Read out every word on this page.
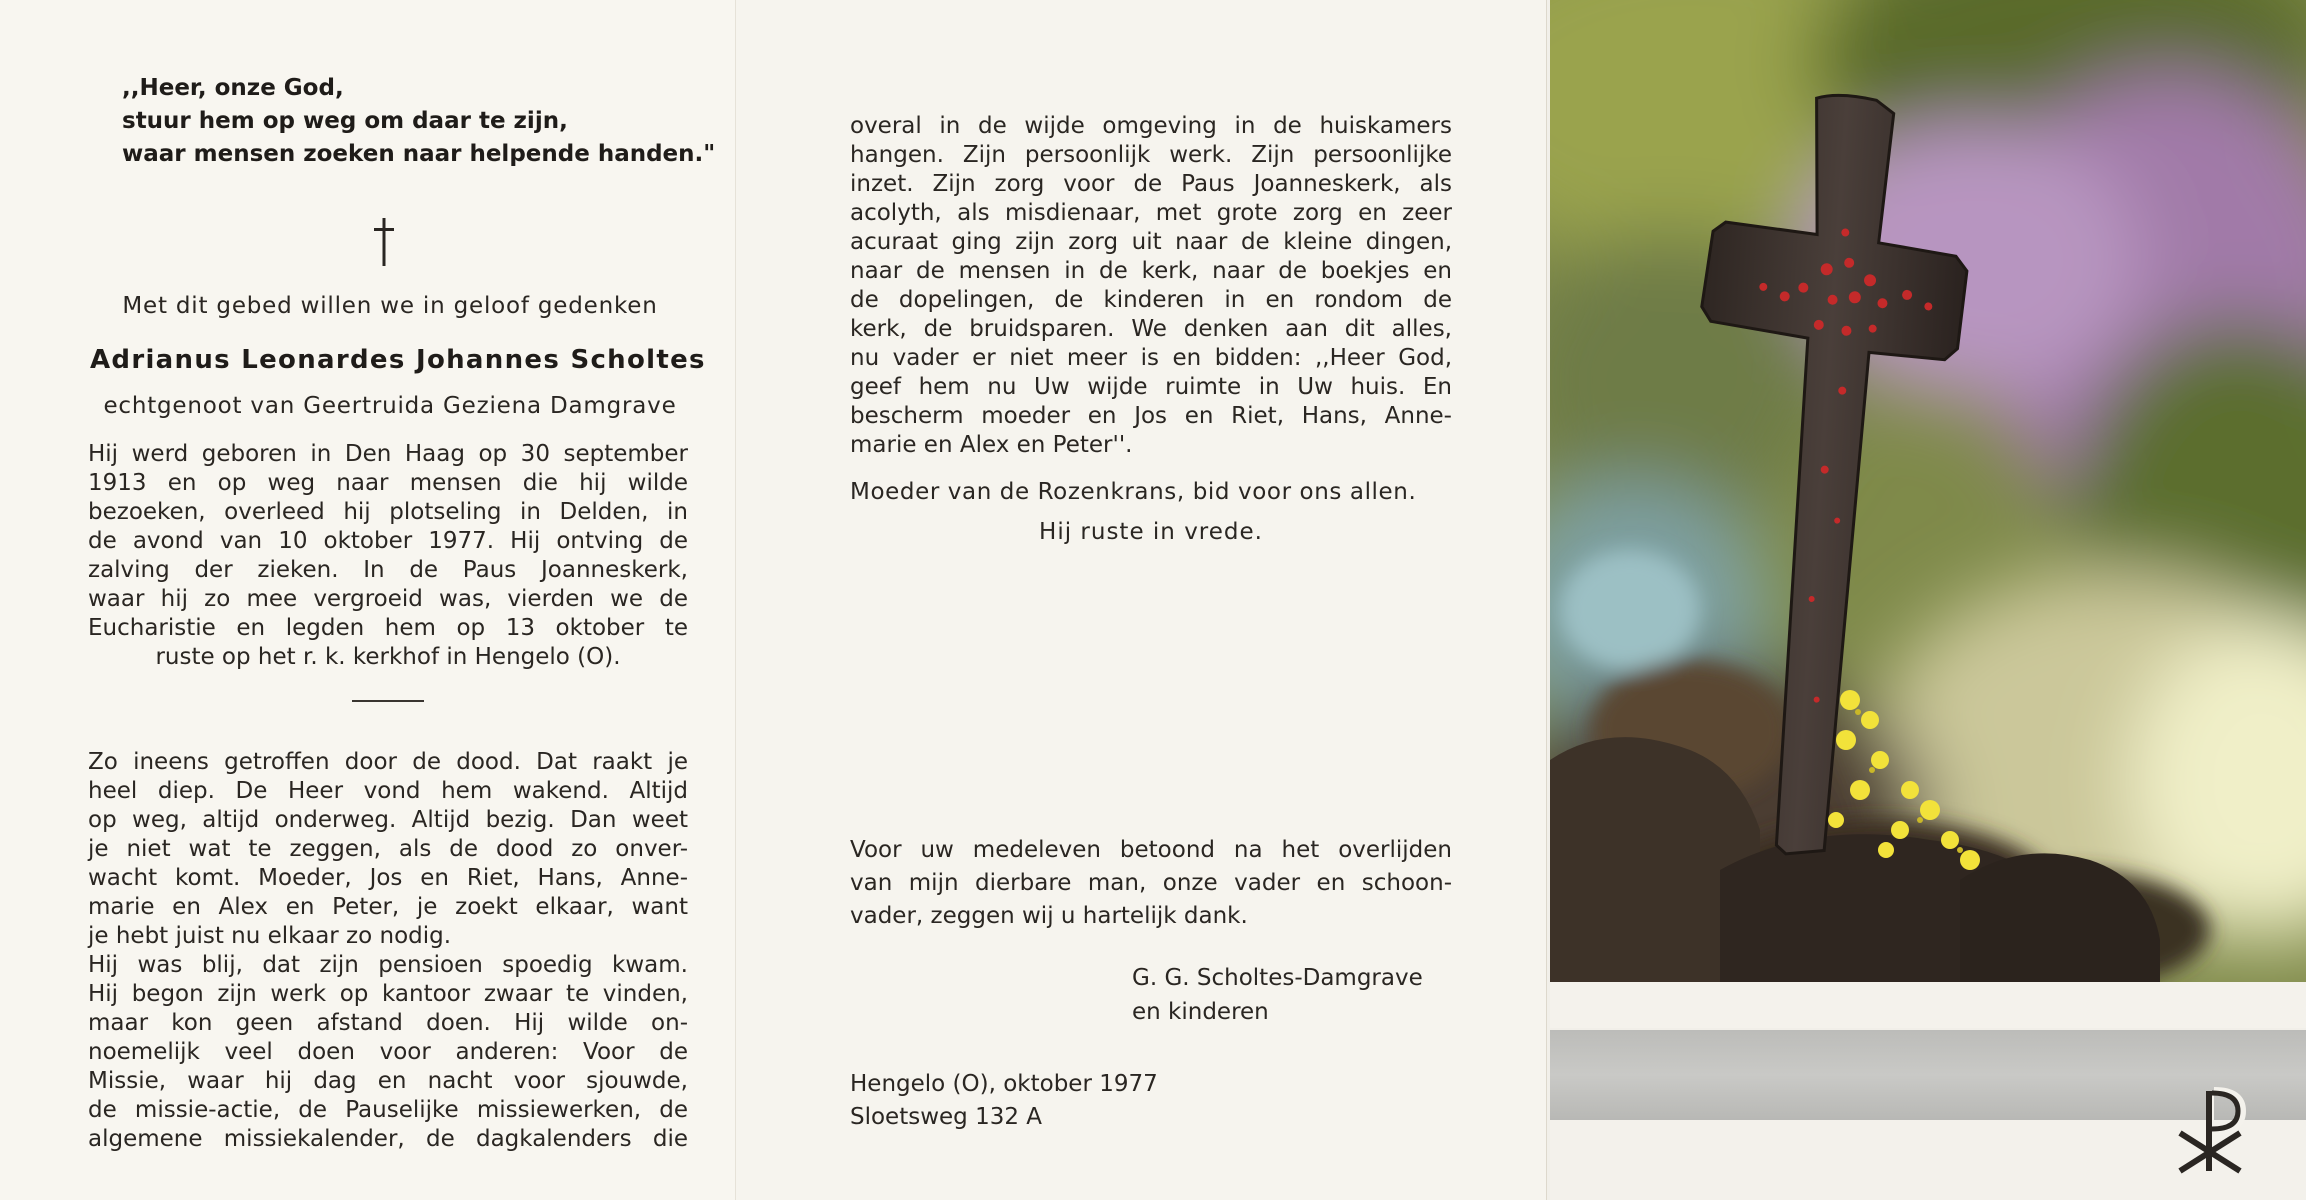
,,Heer, onze God,
stuur hem op weg om daar te zijn,
waar mensen zoeken naar helpende handen."
Met dit gebed willen we in geloof gedenken
Adrianus Leonardes Johannes Scholtes
echtgenoot van Geertruida Geziena Damgrave
Hij werd geboren in Den Haag op 30 september
1913 en op weg naar mensen die hij wilde
bezoeken, overleed hij plotseling in Delden, in
de avond van 10 oktober 1977. Hij ontving de
zalving der zieken. In de Paus Joanneskerk,
waar hij zo mee vergroeid was, vierden we de
Eucharistie en legden hem op 13 oktober te
ruste op het r. k. kerkhof in Hengelo (O).
Zo ineens getroffen door de dood. Dat raakt je
heel diep. De Heer vond hem wakend. Altijd
op weg, altijd onderweg. Altijd bezig. Dan weet
je niet wat te zeggen, als de dood zo onver-
wacht komt. Moeder, Jos en Riet, Hans, Anne-
marie en Alex en Peter, je zoekt elkaar, want
je hebt juist nu elkaar zo nodig.
Hij was blij, dat zijn pensioen spoedig kwam.
Hij begon zijn werk op kantoor zwaar te vinden,
maar kon geen afstand doen. Hij wilde on-
noemelijk veel doen voor anderen: Voor de
Missie, waar hij dag en nacht voor sjouwde,
de missie-actie, de Pauselijke missiewerken, de
algemene missiekalender, de dagkalenders die
overal in de wijde omgeving in de huiskamers
hangen. Zijn persoonlijk werk. Zijn persoonlijke
inzet. Zijn zorg voor de Paus Joanneskerk, als
acolyth, als misdienaar, met grote zorg en zeer
acuraat ging zijn zorg uit naar de kleine dingen,
naar de mensen in de kerk, naar de boekjes en
de dopelingen, de kinderen in en rondom de
kerk, de bruidsparen. We denken aan dit alles,
nu vader er niet meer is en bidden: ,,Heer God,
geef hem nu Uw wijde ruimte in Uw huis. En
bescherm moeder en Jos en Riet, Hans, Anne-
marie en Alex en Peter''.
Moeder van de Rozenkrans, bid voor ons allen.
Hij ruste in vrede.
Voor uw medeleven betoond na het overlijden
van mijn dierbare man, onze vader en schoon-
vader, zeggen wij u hartelijk dank.
G. G. Scholtes-Damgrave
en kinderen
Hengelo (O), oktober 1977
Sloetsweg 132 A
